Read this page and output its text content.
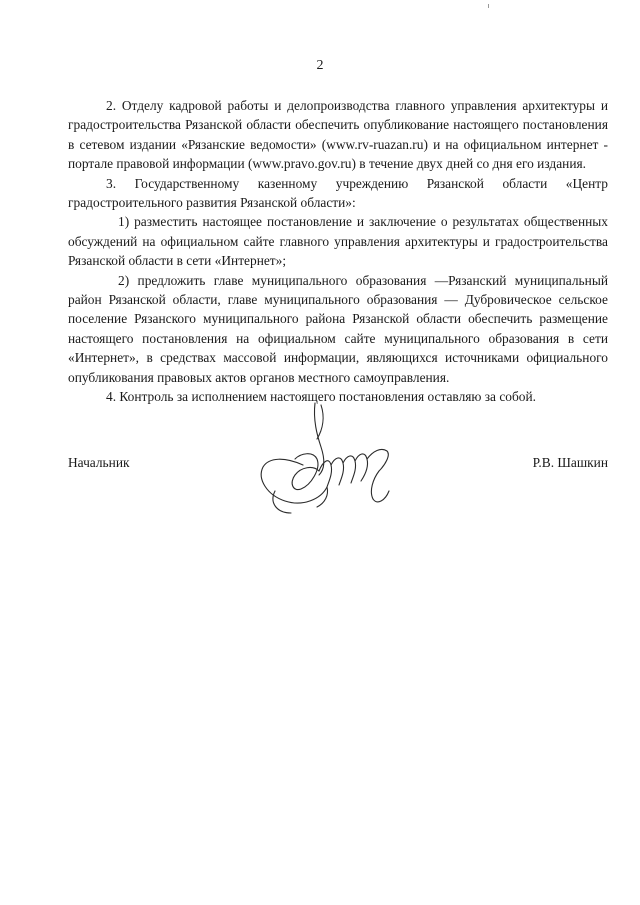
2

2. Отделу кадровой работы и делопроизводства главного управления архитектуры и градостроительства Рязанской области обеспечить опубликование настоящего постановления в сетевом издании «Рязанские ведомости» (www.rv-ruazan.ru) и на официальном интернет - портале правовой информации (www.pravo.gov.ru) в течение двух дней со дня его издания.

3. Государственному казенному учреждению Рязанской области «Центр градостроительного развития Рязанской области»:

1) разместить настоящее постановление и заключение о результатах общественных обсуждений на официальном сайте главного управления архитектуры и градостроительства Рязанской области в сети «Интернет»;

2) предложить главе муниципального образования —Рязанский муниципальный район Рязанской области, главе муниципального образования — Дубровическое сельское поселение Рязанского муниципального района Рязанской области обеспечить размещение настоящего постановления на официальном сайте муниципального образования в сети «Интернет», в средствах массовой информации, являющихся источниками официального опубликования правовых актов органов местного самоуправления.

4. Контроль за исполнением настоящего постановления оставляю за собой.

Начальник	Р.В. Шашкин
